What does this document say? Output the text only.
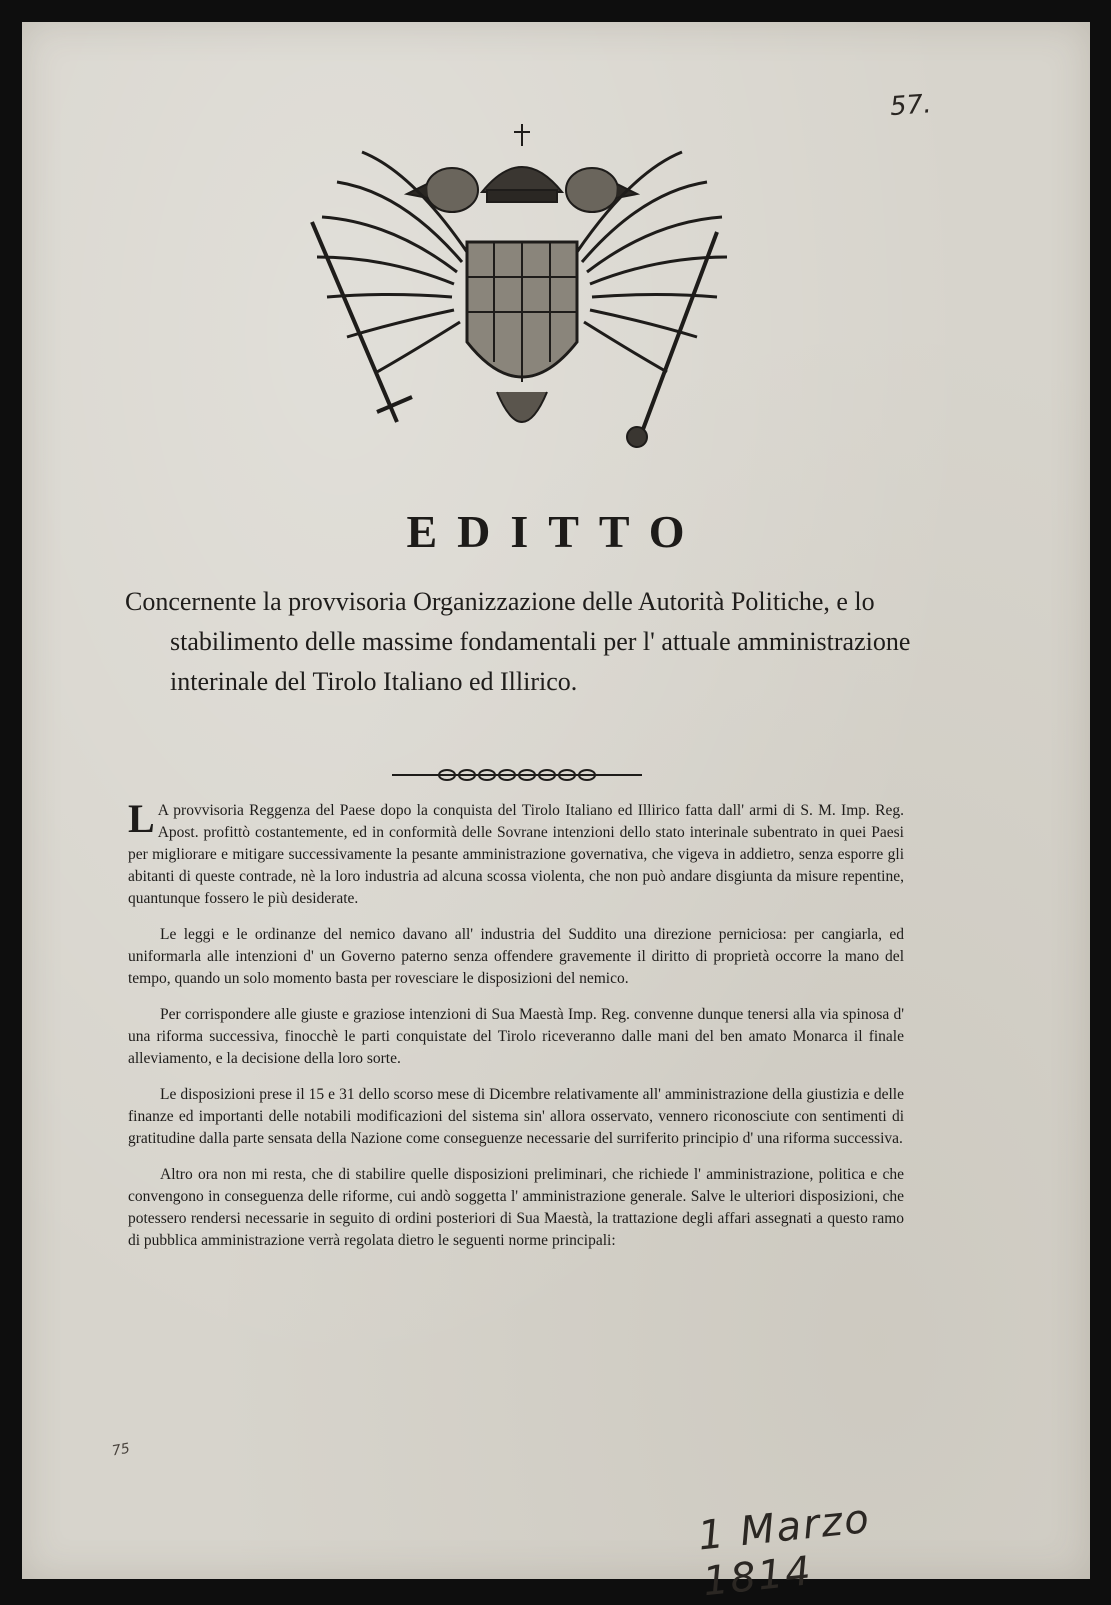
57.
EDITTO
Concernente la provvisoria Organizzazione delle Autorità Politiche, e lo stabilimento delle massime fondamentali per l' attuale amministrazione interinale del Tirolo Italiano ed Illirico.

L A provvisoria Reggenza del Paese dopo la conquista del Tirolo Italiano ed Illirico fatta dall' armi di S. M. Imp. Reg. Apost. profittò costantemente, ed in conformità delle Sovrane intenzioni dello stato interinale subentrato in quei Paesi per migliorare e mitigare successivamente la pesante amministrazione governativa, che vigeva in addietro, senza esporre gli abitanti di queste contrade, nè la loro industria ad alcuna scossa violenta, che non può andare disgiunta da misure repentine, quantunque fossero le più desiderate.

Le leggi e le ordinanze del nemico davano all' industria del Suddito una direzione perniciosa: per cangiarla, ed uniformarla alle intenzioni d' un Governo paterno senza offendere gravemente il diritto di proprietà occorre la mano del tempo, quando un solo momento basta per rovesciare le disposizioni del nemico.

Per corrispondere alle giuste e graziose intenzioni di Sua Maestà Imp. Reg. convenne dunque tenersi alla via spinosa d' una riforma successiva, finocchè le parti conquistate del Tirolo riceveranno dalle mani del ben amato Monarca il finale alleviamento, e la decisione della loro sorte.

Le disposizioni prese il 15 e 31 dello scorso mese di Dicembre relativamente all' amministrazione della giustizia e delle finanze ed importanti delle notabili modificazioni del sistema sin' allora osservato, vennero riconosciute con sentimenti di gratitudine dalla parte sensata della Nazione come conseguenze necessarie del surriferito principio d' una riforma successiva.

Altro ora non mi resta, che di stabilire quelle disposizioni preliminari, che richiede l' amministrazione, politica e che convengono in conseguenza delle riforme, cui andò soggetta l' amministrazione generale. Salve le ulteriori disposizioni, che potessero rendersi necessarie in seguito di ordini posteriori di Sua Maestà, la trattazione degli affari assegnati a questo ramo di pubblica amministrazione verrà regolata dietro le seguenti norme principali:

75
1 Marzo 1814
